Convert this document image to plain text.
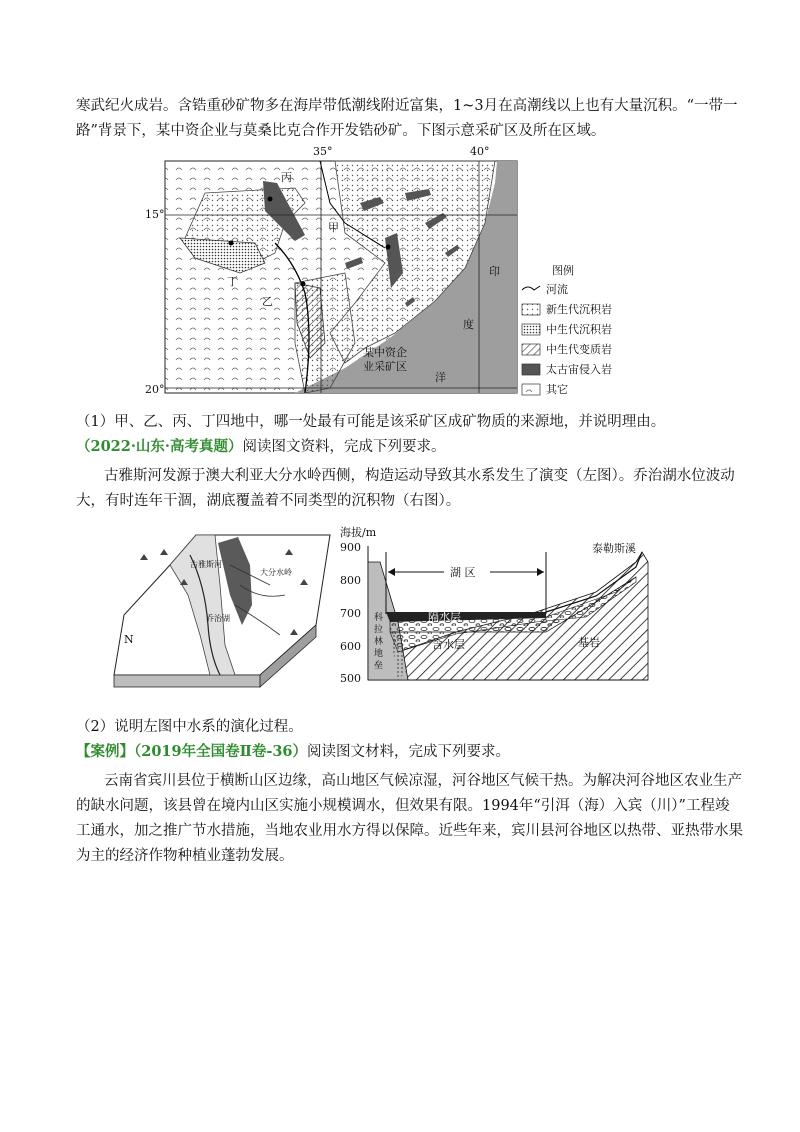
寒武纪火成岩。含锆重砂矿物多在海岸带低潮线附近富集，1~3月在高潮线以上也有大量沉积。“一带一
路”背景下，某中资企业与莫桑比克合作开发锆砂矿。下图示意采矿区及所在区域。
35°	40°
15°
20°
丙
甲
丁
乙
印
度
洋
某中资企
业采矿区
图例
河流
新生代沉积岩
中生代沉积岩
中生代变质岩
太古宙侵入岩
其它
（1）甲、乙、丙、丁四地中，哪一处最有可能是该采矿区成矿物质的来源地，并说明理由。
（2022·山东·高考真题）阅读图文资料，完成下列要求。
古雅斯河发源于澳大利亚大分水岭西侧，构造运动导致其水系发生了演变（左图）。乔治湖水位波动
大，有时连年干涸，湖底覆盖着不同类型的沉积物（右图）。
N
古雅斯河
大分水岭
乔治湖
海拔/m
900
800
700
600
500
湖 区
泰勒斯溪
隔水层
含水层	基岩
科拉林地垒
（2）说明左图中水系的演化过程。
【案例】（2019年全国卷Ⅱ卷-36）阅读图文材料，完成下列要求。
云南省宾川县位于横断山区边缘，高山地区气候凉湿，河谷地区气候干热。为解决河谷地区农业生产
的缺水问题，该县曾在境内山区实施小规模调水，但效果有限。1994年“引洱（海）入宾（川）”工程竣
工通水，加之推广节水措施，当地农业用水方得以保障。近些年来，宾川县河谷地区以热带、亚热带水果
为主的经济作物种植业蓬勃发展。
